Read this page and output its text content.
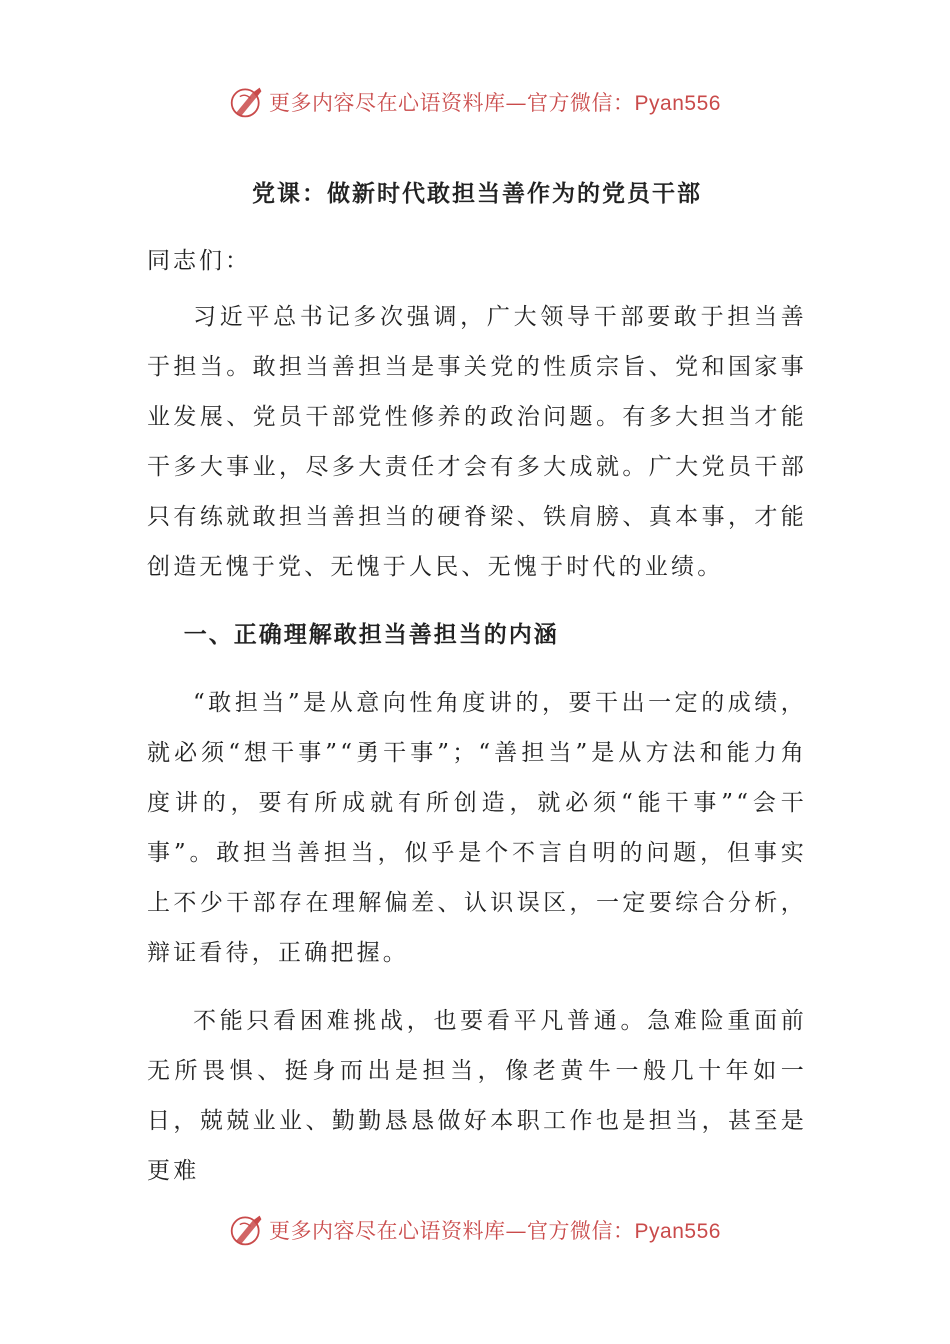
更多内容尽在心语资料库—官方微信：Pyan556
党课：做新时代敢担当善作为的党员干部
同志们：

习近平总书记多次强调，广大领导干部要敢于担当善于担当。敢担当善担当是事关党的性质宗旨、党和国家事业发展、党员干部党性修养的政治问题。有多大担当才能干多大事业，尽多大责任才会有多大成就。广大党员干部只有练就敢担当善担当的硬脊梁、铁肩膀、真本事，才能创造无愧于党、无愧于人民、无愧于时代的业绩。

一、正确理解敢担当善担当的内涵

“敢担当”是从意向性角度讲的，要干出一定的成绩，就必须“想干事”“勇干事”；“善担当”是从方法和能力角度讲的，要有所成就有所创造，就必须“能干事”“会干事”。敢担当善担当，似乎是个不言自明的问题，但事实上不少干部存在理解偏差、认识误区，一定要综合分析，辩证看待，正确把握。

不能只看困难挑战，也要看平凡普通。急难险重面前无所畏惧、挺身而出是担当，像老黄牛一般几十年如一日，兢兢业业、勤勤恳恳做好本职工作也是担当，甚至是更难

更多内容尽在心语资料库—官方微信：Pyan556
